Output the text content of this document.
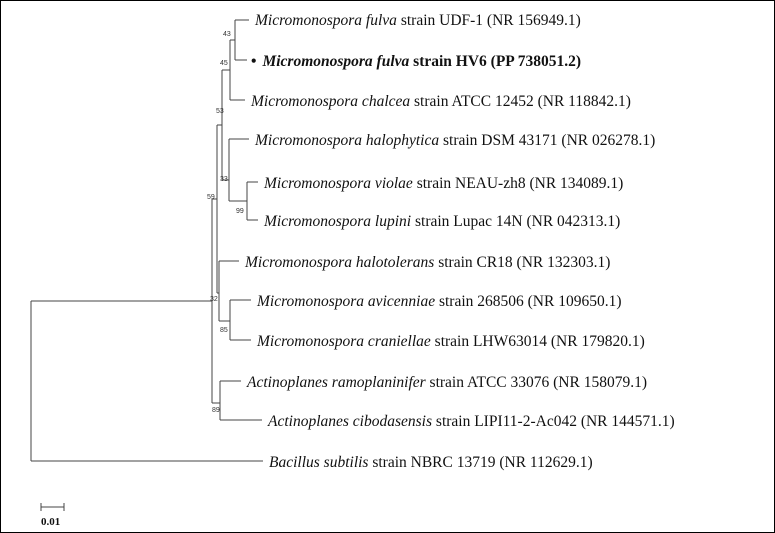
Micromonospora fulva strain UDF-1 (NR 156949.1)
• Micromonospora fulva strain HV6 (PP 738051.2)
Micromonospora chalcea strain ATCC 12452 (NR 118842.1)
Micromonospora halophytica strain DSM 43171 (NR 026278.1)
Micromonospora violae strain NEAU-zh8 (NR 134089.1)
Micromonospora lupini strain Lupac 14N (NR 042313.1)
Micromonospora halotolerans strain CR18 (NR 132303.1)
Micromonospora avicenniae strain 268506 (NR 109650.1)
Micromonospora craniellae strain LHW63014 (NR 179820.1)
Actinoplanes ramoplaninifer strain ATCC 33076 (NR 158079.1)
Actinoplanes cibodasensis strain LIPI11-2-Ac042 (NR 144571.1)
Bacillus subtilis strain NBRC 13719 (NR 112629.1)
43
45
53
33
99
59
32
85
89
0.01
